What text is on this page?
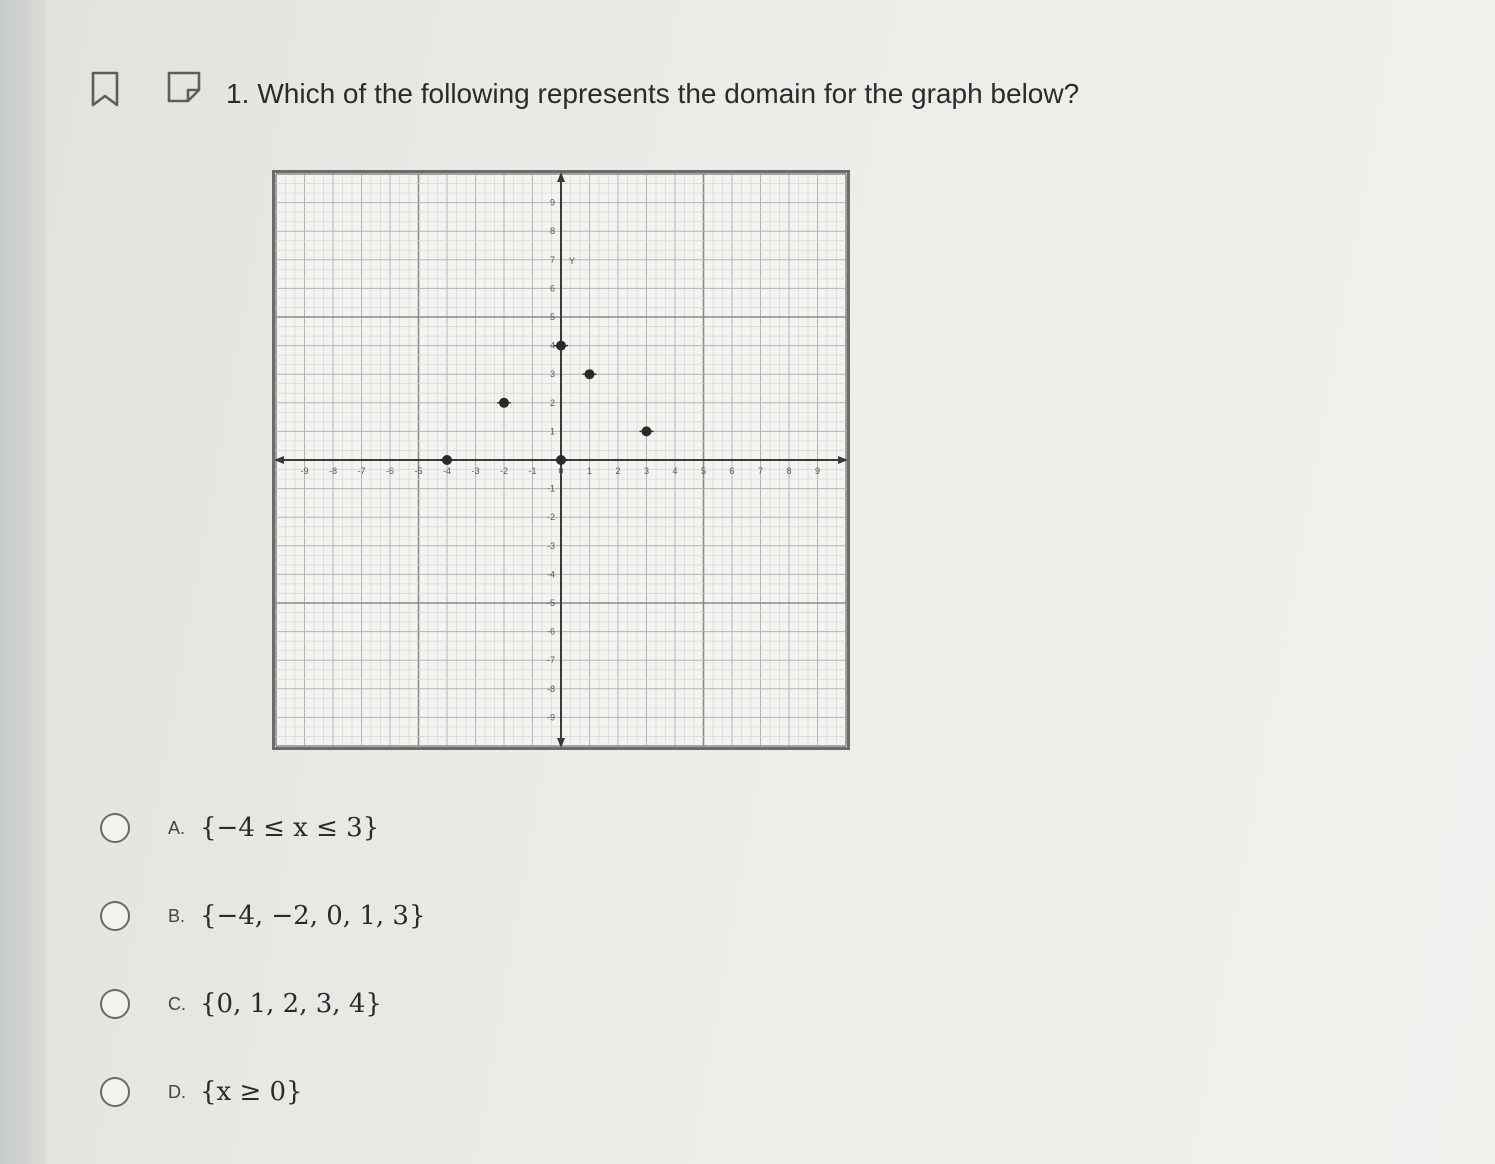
1. Which of the following represents the domain for the graph below?
-9 -8 -7 -6 -5 -4 -3 -2 -1 0	1	2	3	4	5	6	7	8	9
9
8
7
6
5
4
3
2
1
-1
-2
-3
-4
-5
-6
-7
-8
-9
Y
A. {−4 ≤ x ≤ 3}
B. {−4, −2, 0, 1, 3}
C. {0, 1, 2, 3, 4}
D. {x ≥ 0}
